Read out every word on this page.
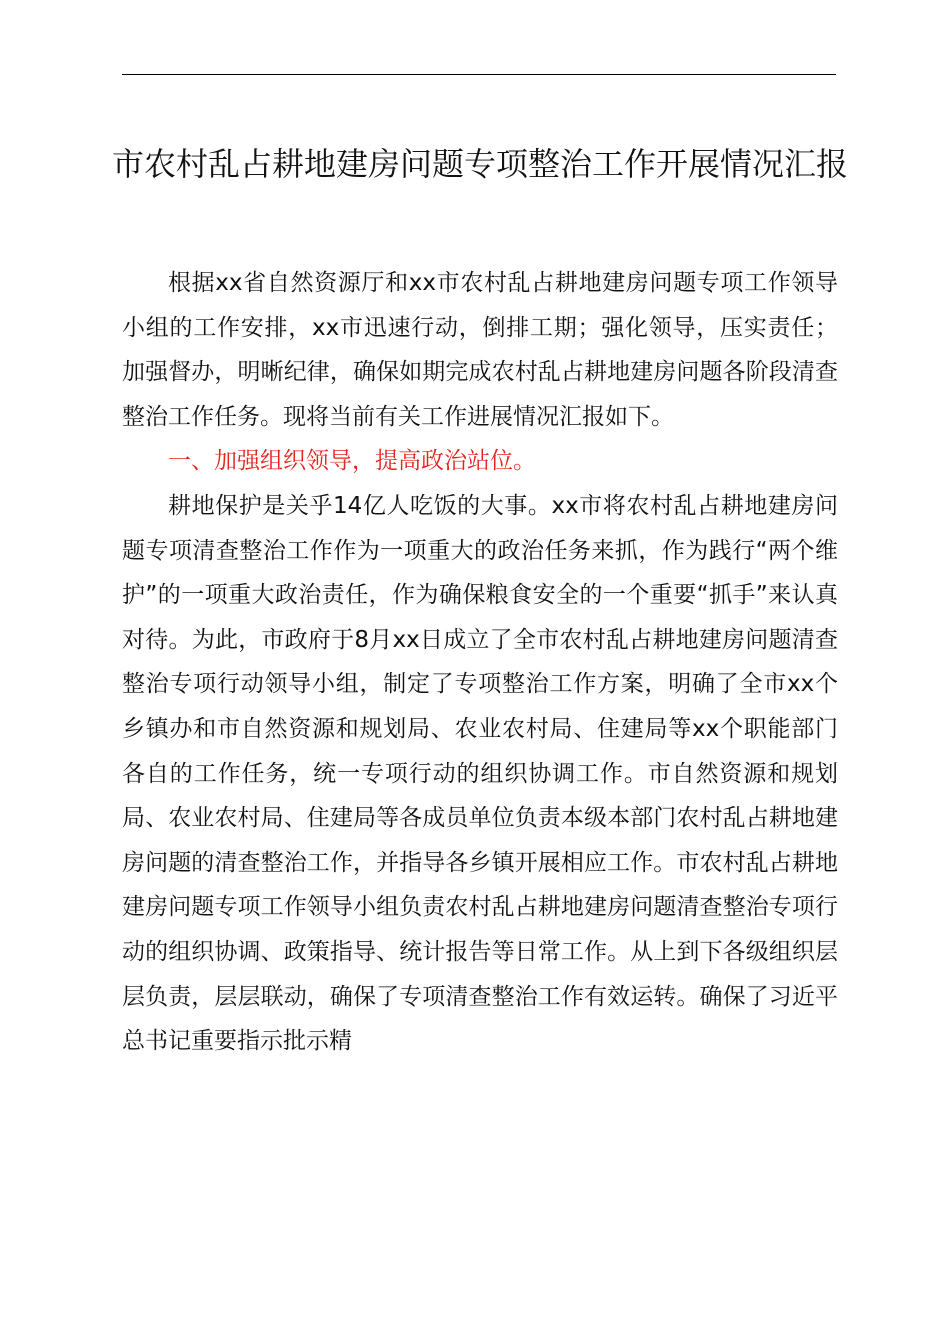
市农村乱占耕地建房问题专项整治工作开展情况汇报

根据xx省自然资源厅和xx市农村乱占耕地建房问题专项工作领导小组的工作安排，xx市迅速行动，倒排工期；强化领导，压实责任；加强督办，明晰纪律，确保如期完成农村乱占耕地建房问题各阶段清查整治工作任务。现将当前有关工作进展情况汇报如下。

一、加强组织领导，提高政治站位。

耕地保护是关乎14亿人吃饭的大事。xx市将农村乱占耕地建房问题专项清查整治工作作为一项重大的政治任务来抓，作为践行“两个维护”的一项重大政治责任，作为确保粮食安全的一个重要“抓手”来认真对待。为此，市政府于8月xx日成立了全市农村乱占耕地建房问题清查整治专项行动领导小组，制定了专项整治工作方案，明确了全市xx个乡镇办和市自然资源和规划局、农业农村局、住建局等xx个职能部门各自的工作任务，统一专项行动的组织协调工作。市自然资源和规划局、农业农村局、住建局等各成员单位负责本级本部门农村乱占耕地建房问题的清查整治工作，并指导各乡镇开展相应工作。市农村乱占耕地建房问题专项工作领导小组负责农村乱占耕地建房问题清查整治专项行动的组织协调、政策指导、统计报告等日常工作。从上到下各级组织层层负责，层层联动，确保了专项清查整治工作有效运转。确保了习近平总书记重要指示批示精
